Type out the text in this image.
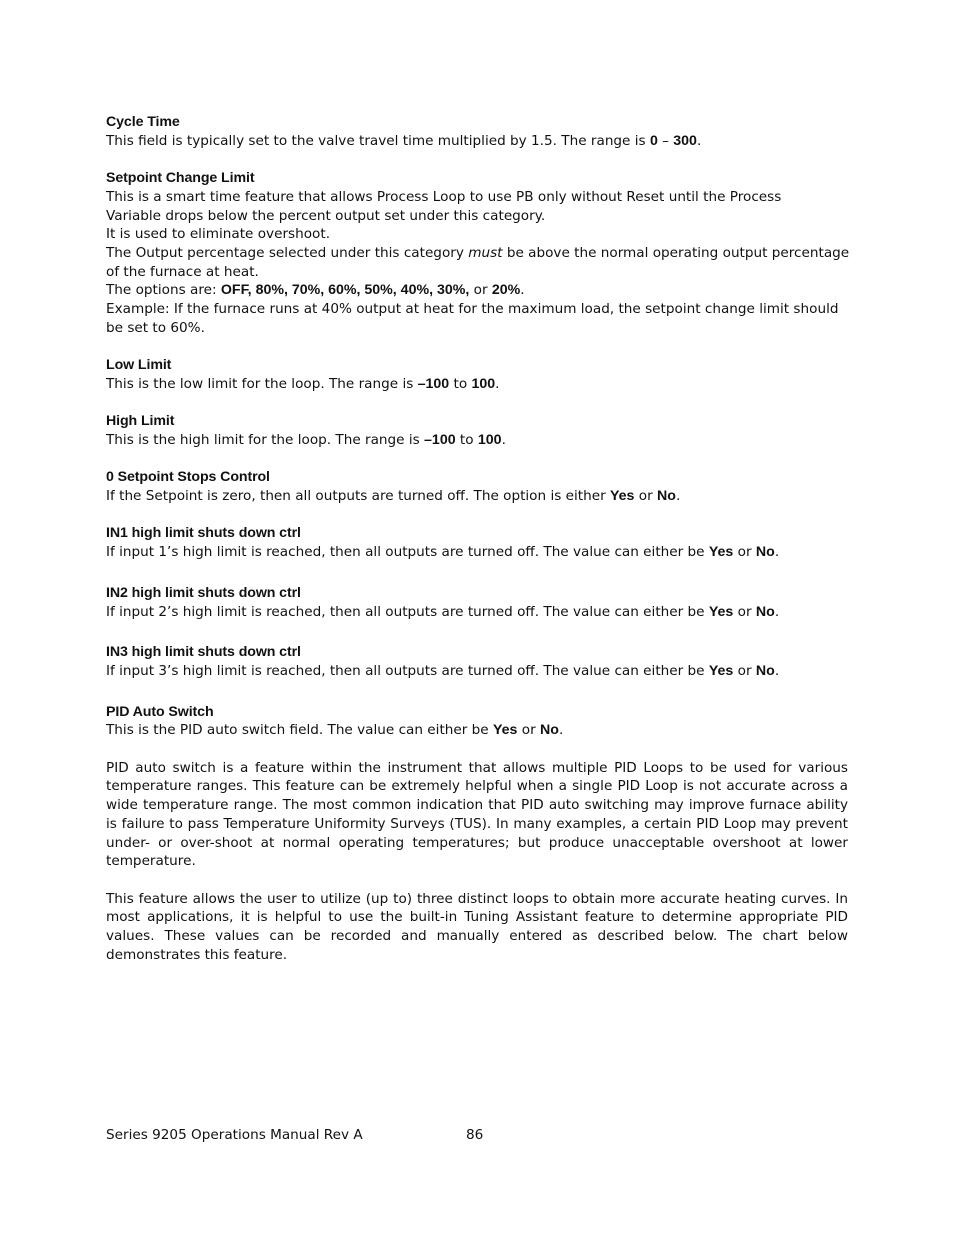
Cycle Time
This field is typically set to the valve travel time multiplied by 1.5. The range is 0 – 300.
Setpoint Change Limit
This is a smart time feature that allows Process Loop to use PB only without Reset until the Process
Variable drops below the percent output set under this category.
It is used to eliminate overshoot.
The Output percentage selected under this category must be above the normal operating output percentage
of the furnace at heat.
The options are: OFF, 80%, 70%, 60%, 50%, 40%, 30%, or 20%.
Example: If the furnace runs at 40% output at heat for the maximum load, the setpoint change limit should
be set to 60%.
Low Limit
This is the low limit for the loop. The range is –100 to 100.
High Limit
This is the high limit for the loop. The range is –100 to 100.
0 Setpoint Stops Control
If the Setpoint is zero, then all outputs are turned off. The option is either Yes or No.
IN1 high limit shuts down ctrl
If input 1’s high limit is reached, then all outputs are turned off. The value can either be Yes or No.
IN2 high limit shuts down ctrl
If input 2’s high limit is reached, then all outputs are turned off. The value can either be Yes or No.
IN3 high limit shuts down ctrl
If input 3’s high limit is reached, then all outputs are turned off. The value can either be Yes or No.
PID Auto Switch
This is the PID auto switch field. The value can either be Yes or No.

PID auto switch is a feature within the instrument that allows multiple PID Loops to be used for various temperature ranges. This feature can be extremely helpful when a single PID Loop is not accurate across a wide temperature range. The most common indication that PID auto switching may improve furnace ability is failure to pass Temperature Uniformity Surveys (TUS). In many examples, a certain PID Loop may prevent under- or over-shoot at normal operating temperatures; but produce unacceptable overshoot at lower temperature.

This feature allows the user to utilize (up to) three distinct loops to obtain more accurate heating curves. In most applications, it is helpful to use the built-in Tuning Assistant feature to determine appropriate PID values. These values can be recorded and manually entered as described below. The chart below demonstrates this feature.

Series 9205 Operations Manual Rev A	86
